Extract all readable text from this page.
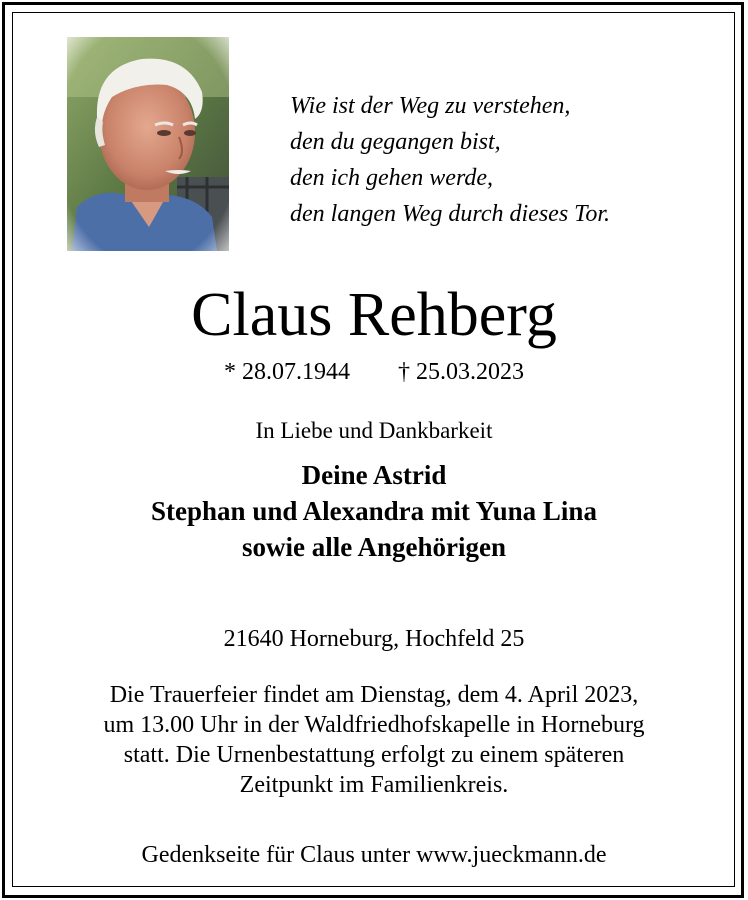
Wie ist der Weg zu verstehen,
den du gegangen bist,
den ich gehen werde,
den langen Weg durch dieses Tor.
Claus Rehberg
* 28.07.1944 † 25.03.2023
In Liebe und Dankbarkeit
Deine Astrid
Stephan und Alexandra mit Yuna Lina
sowie alle Angehörigen
21640 Horneburg, Hochfeld 25
Die Trauerfeier findet am Dienstag, dem 4. April 2023,
um 13.00 Uhr in der Waldfriedhofskapelle in Horneburg
statt. Die Urnenbestattung erfolgt zu einem späteren
Zeitpunkt im Familienkreis.
Gedenkseite für Claus unter www.jueckmann.de
